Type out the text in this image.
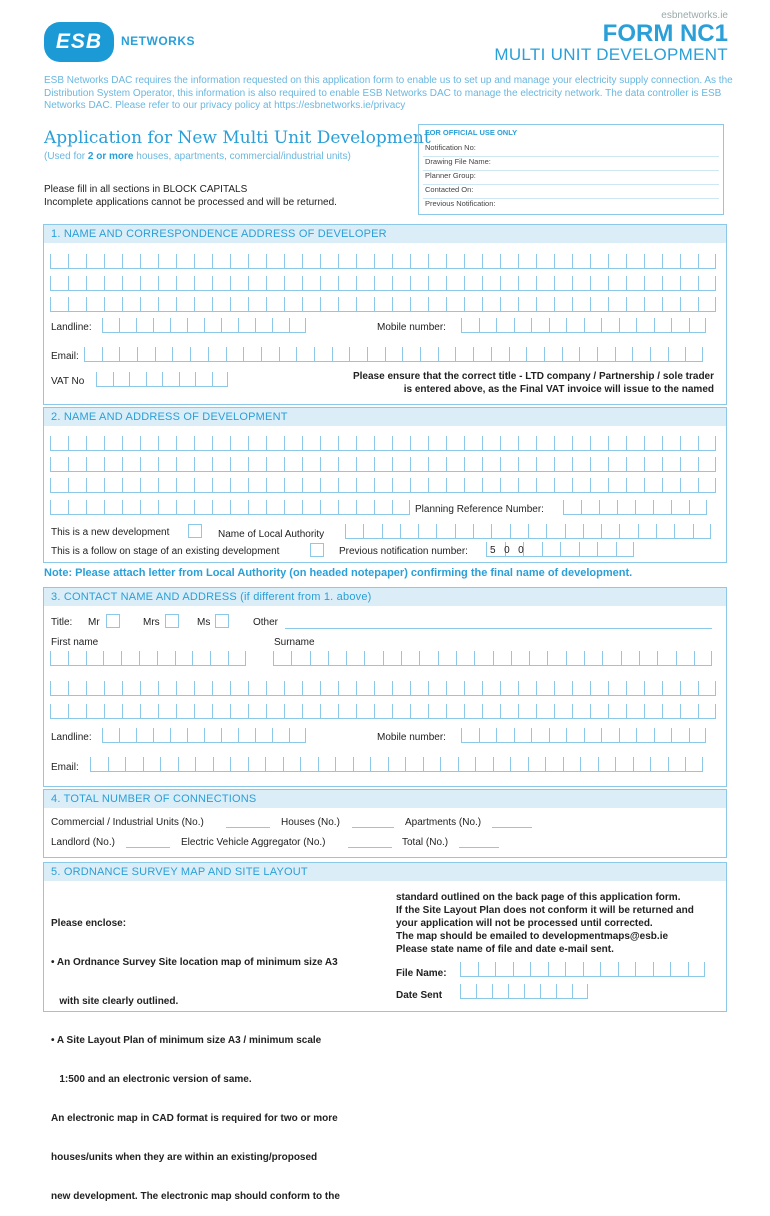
ESB	NETWORKS
esbnetworks.ie
FORM NC1
MULTI UNIT DEVELOPMENT
ESB Networks DAC requires the information requested on this application form to enable us to set up and manage your electricity supply connection. As the Distribution System Operator, this information is also required to enable ESB Networks DAC to manage the electricity network. The data controller is ESB Networks DAC. Please refer to our privacy policy at https://esbnetworks.ie/privacy
Application for New Multi Unit Development
(Used for 2 or more houses, apartments, commercial/industrial units)
Please fill in all sections in BLOCK CAPITALS
Incomplete applications cannot be processed and will be returned.
FOR OFFICIAL USE ONLY
Notification No:
Drawing File Name:
Planner Group:
Contacted On:
Previous Notification:
1. NAME AND CORRESPONDENCE ADDRESS OF DEVELOPER
Landline:	Mobile number:
Email:
VAT No	Please ensure that the correct title - LTD company / Partnership / sole trader
is entered above, as the Final VAT invoice will issue to the named
2. NAME AND ADDRESS OF DEVELOPMENT
Planning Reference Number:
This is a new development	Name of Local Authority
This is a follow on stage of an existing development	Previous notification number: 5 0 0
Note: Please attach letter from Local Authority (on headed notepaper) confirming the final name of development.
3. CONTACT NAME AND ADDRESS (if different from 1. above)
Title: Mr	Mrs	Ms	Other
First name	Surname
Landline:	Mobile number:
Email:
4. TOTAL NUMBER OF CONNECTIONS
Commercial / Industrial Units (No.)	Houses (No.)	Apartments (No.)
Landlord (No.)	Electric Vehicle Aggregator (No.)	Total (No.)
5. ORDNANCE SURVEY MAP AND SITE LAYOUT

Please enclose:

• An Ordnance Survey Site location map of minimum size A3

with site clearly outlined.

• A Site Layout Plan of minimum size A3 / minimum scale

1:500 and an electronic version of same.

An electronic map in CAD format is required for two or more

houses/units when they are within an existing/proposed

new development. The electronic map should conform to the

standard outlined on the back page of this application form.
If the Site Layout Plan does not conform it will be returned and
your application will not be processed until corrected.
The map should be emailed to developmentmaps@esb.ie
Please state name of file and date e-mail sent.
File Name:
Date Sent
